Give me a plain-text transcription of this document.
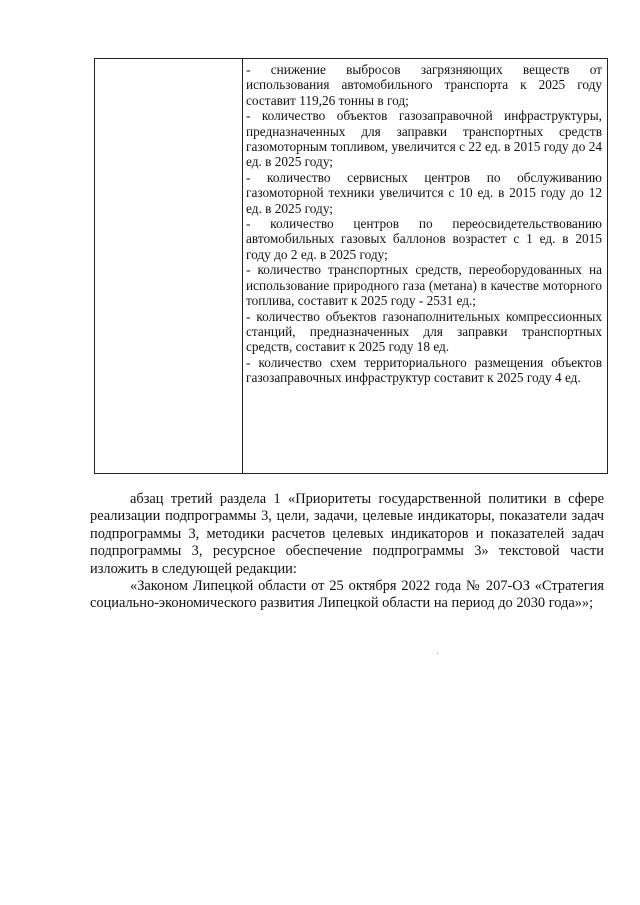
- снижение выбросов загрязняющих веществ от использования автомобильного транспорта к 2025 году составит 119,26 тонны в год;

- количество объектов газозаправочной инфраструктуры, предназначенных для заправки транспортных средств газомоторным топливом, увеличится с 22 ед. в 2015 году до 24 ед. в 2025 году;

- количество сервисных центров по обслуживанию газомоторной техники увеличится с 10 ед. в 2015 году до 12 ед. в 2025 году;

- количество центров по переосвидетельствованию автомобильных газовых баллонов возрастет с 1 ед. в 2015 году до 2 ед. в 2025 году;

- количество транспортных средств, переоборудованных на использование природного газа (метана) в качестве моторного топлива, составит к 2025 году - 2531 ед.;

- количество объектов газонаполнительных компрессионных станций, предназначенных для заправки транспортных средств, составит к 2025 году 18 ед.

- количество схем территориального размещения объектов газозаправочных инфраструктур составит к 2025 году 4 ед.

абзац третий раздела 1 «Приоритеты государственной политики в сфере реализации подпрограммы 3, цели, задачи, целевые индикаторы, показатели задач подпрограммы 3, методики расчетов целевых индикаторов и показателей задач подпрограммы 3, ресурсное обеспечение подпрограммы 3» текстовой части изложить в следующей редакции:

«Законом Липецкой области от 25 октября 2022 года № 207-ОЗ «Стратегия социально-экономического развития Липецкой области на период до 2030 года»»;
